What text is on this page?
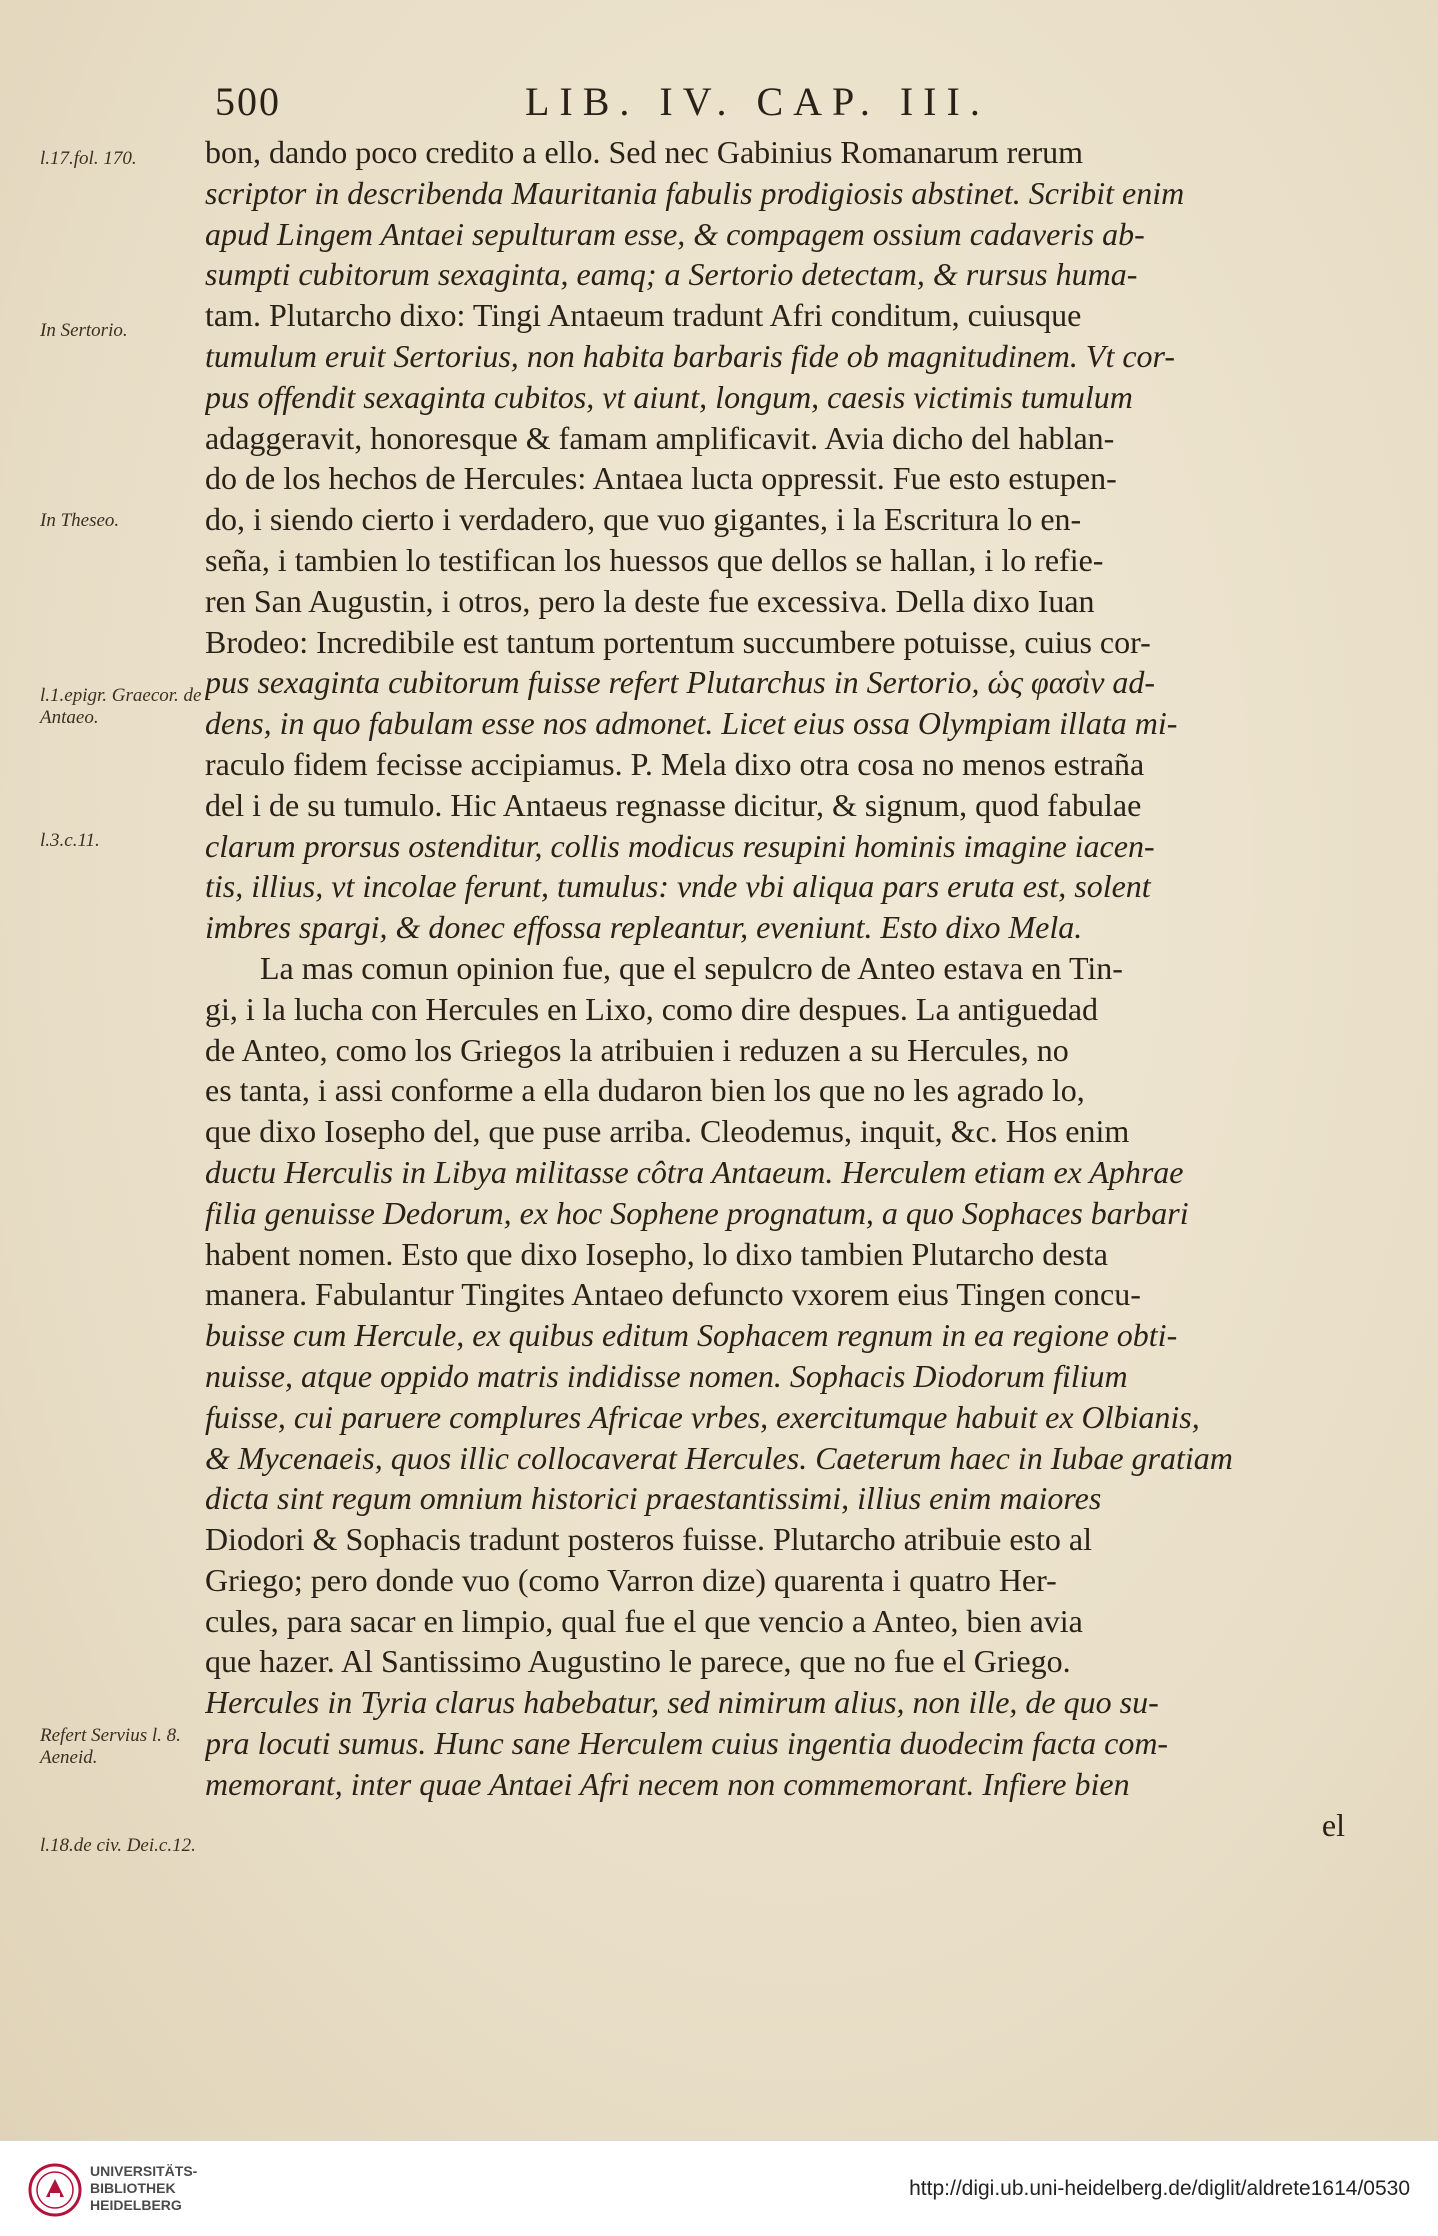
500	LIB. IV. CAP. III.
l.17.fol. 170.
In Sertorio.
In Theseo.
l.1.epigr. Graecor. de Antaeo.
l.3.c.11.
Refert Servius l. 8. Aeneid.
l.18.de civ. Dei.c.12.
bon, dando poco credito a ello. Sed nec Gabinius Romanarum rerum
scriptor in describenda Mauritania fabulis prodigiosis abstinet. Scribit enim
apud Lingem Antaei sepulturam esse, & compagem ossium cadaveris ab-
sumpti cubitorum sexaginta, eamq; a Sertorio detectam, & rursus huma-
tam. Plutarcho dixo: Tingi Antaeum tradunt Afri conditum, cuiusque
tumulum eruit Sertorius, non habita barbaris fide ob magnitudinem. Vt cor-
pus offendit sexaginta cubitos, vt aiunt, longum, caesis victimis tumulum
adaggeravit, honoresque & famam amplificavit. Avia dicho del hablan-
do de los hechos de Hercules: Antaea lucta oppressit. Fue esto estupen-
do, i siendo cierto i verdadero, que vuo gigantes, i la Escritura lo en-
seña, i tambien lo testifican los huessos que dellos se hallan, i lo refie-
ren San Augustin, i otros, pero la deste fue excessiva. Della dixo Iuan
Brodeo: Incredibile est tantum portentum succumbere potuisse, cuius cor-
pus sexaginta cubitorum fuisse refert Plutarchus in Sertorio, ὡς φασὶν ad-
dens, in quo fabulam esse nos admonet. Licet eius ossa Olympiam illata mi-
raculo fidem fecisse accipiamus. P. Mela dixo otra cosa no menos estraña
del i de su tumulo. Hic Antaeus regnasse dicitur, & signum, quod fabulae
clarum prorsus ostenditur, collis modicus resupini hominis imagine iacen-
tis, illius, vt incolae ferunt, tumulus: vnde vbi aliqua pars eruta est, solent
imbres spargi, & donec effossa repleantur, eveniunt. Esto dixo Mela.
La mas comun opinion fue, que el sepulcro de Anteo estava en Tin-
gi, i la lucha con Hercules en Lixo, como dire despues. La antiguedad
de Anteo, como los Griegos la atribuien i reduzen a su Hercules, no
es tanta, i assi conforme a ella dudaron bien los que no les agrado lo,
que dixo Iosepho del, que puse arriba. Cleodemus, inquit, &c. Hos enim
ductu Herculis in Libya militasse côtra Antaeum. Herculem etiam ex Aphrae
filia genuisse Dedorum, ex hoc Sophene prognatum, a quo Sophaces barbari
habent nomen. Esto que dixo Iosepho, lo dixo tambien Plutarcho desta
manera. Fabulantur Tingites Antaeo defuncto vxorem eius Tingen concu-
buisse cum Hercule, ex quibus editum Sophacem regnum in ea regione obti-
nuisse, atque oppido matris indidisse nomen. Sophacis Diodorum filium
fuisse, cui paruere complures Africae vrbes, exercitumque habuit ex Olbianis,
& Mycenaeis, quos illic collocaverat Hercules. Caeterum haec in Iubae gratiam
dicta sint regum omnium historici praestantissimi, illius enim maiores
Diodori & Sophacis tradunt posteros fuisse. Plutarcho atribuie esto al
Griego; pero donde vuo (como Varron dize) quarenta i quatro Her-
cules, para sacar en limpio, qual fue el que vencio a Anteo, bien avia
que hazer. Al Santissimo Augustino le parece, que no fue el Griego.
Hercules in Tyria clarus habebatur, sed nimirum alius, non ille, de quo su-
pra locuti sumus. Hunc sane Herculem cuius ingentia duodecim facta com-
memorant, inter quae Antaei Afri necem non commemorant. Infiere bien
el
UNIVERSITÄTS-
BIBLIOTHEK
HEIDELBERG
http://digi.ub.uni-heidelberg.de/diglit/aldrete1614/0530
